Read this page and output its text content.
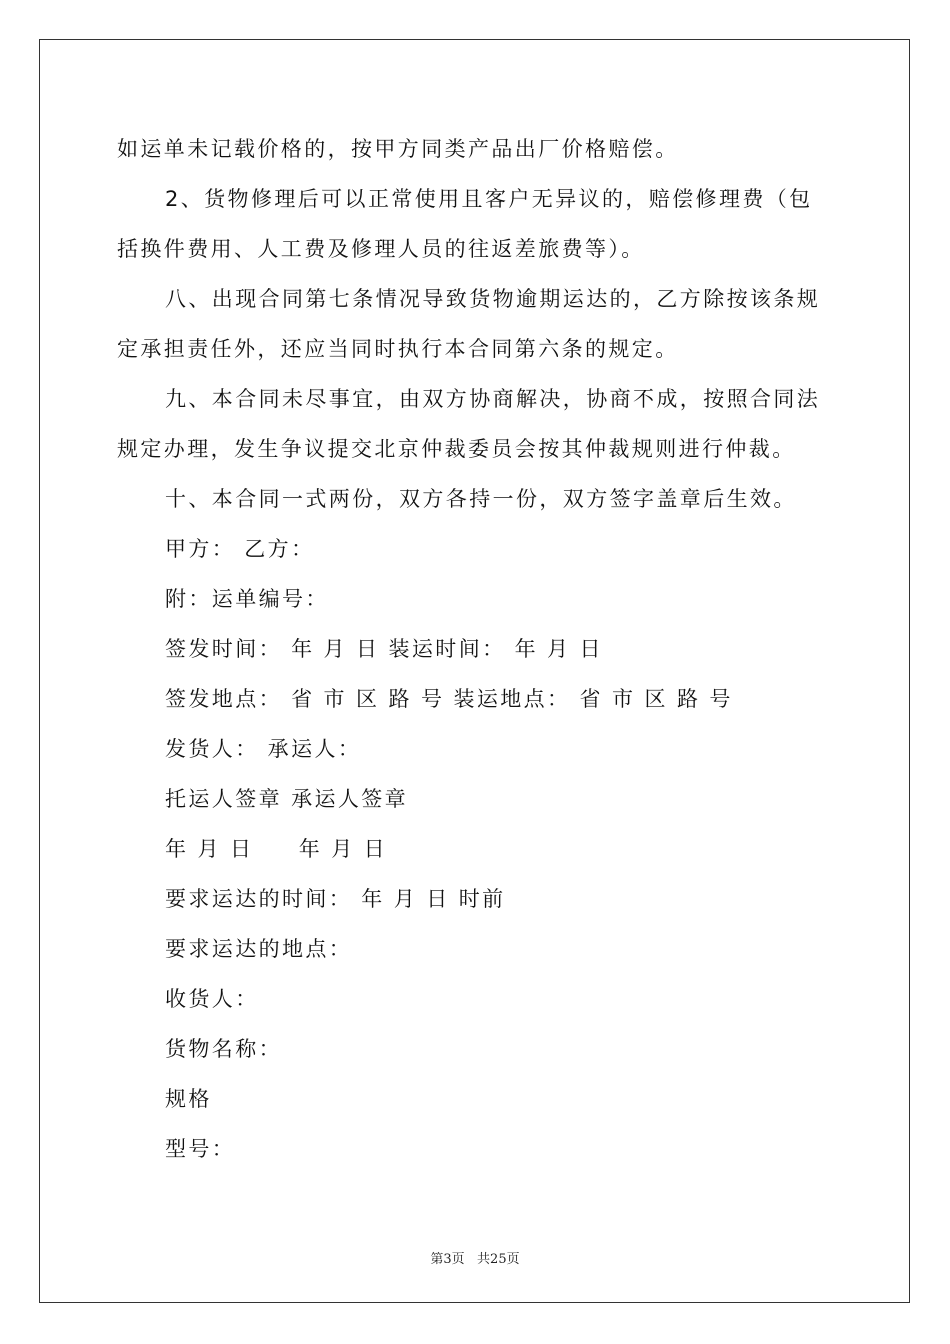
如运单未记载价格的，按甲方同类产品出厂价格赔偿。
2、货物修理后可以正常使用且客户无异议的，赔偿修理费（包
括换件费用、人工费及修理人员的往返差旅费等）。
八、出现合同第七条情况导致货物逾期运达的，乙方除按该条规
定承担责任外，还应当同时执行本合同第六条的规定。
九、本合同未尽事宜，由双方协商解决，协商不成，按照合同法
规定办理，发生争议提交北京仲裁委员会按其仲裁规则进行仲裁。
十、本合同一式两份，双方各持一份，双方签字盖章后生效。
甲方： 乙方：
附：运单编号：
签发时间： 年 月 日 装运时间： 年 月 日
签发地点： 省 市 区 路 号 装运地点： 省 市 区 路 号
发货人： 承运人：
托运人签章 承运人签章
年 月 日     年 月 日
要求运达的时间： 年 月 日 时前
要求运达的地点：
收货人：
货物名称：
规格
型号：
第3页   共25页
